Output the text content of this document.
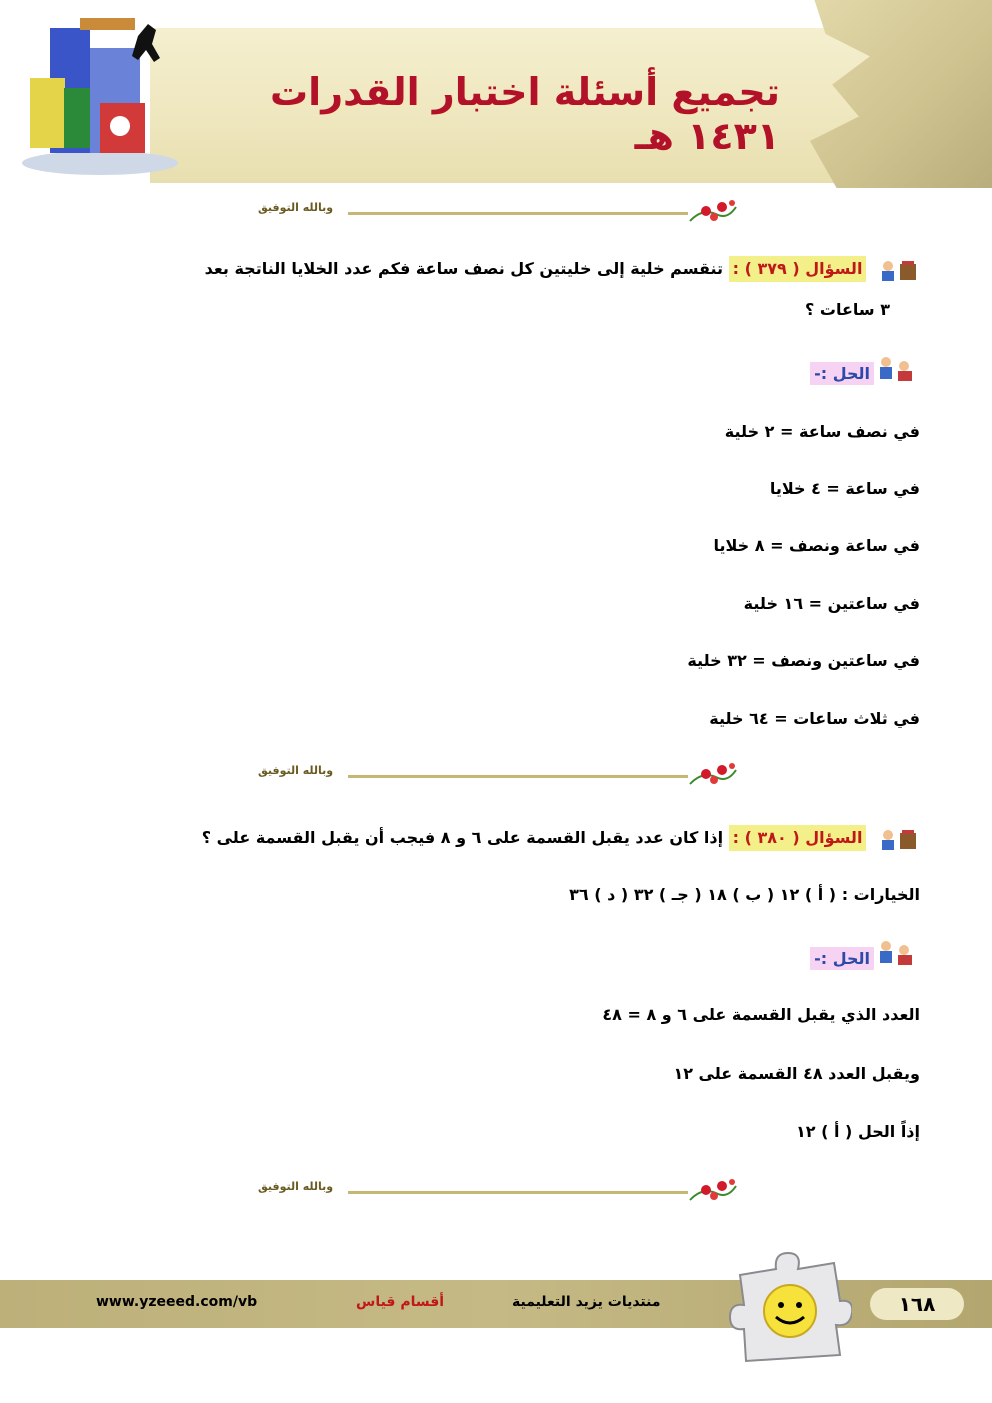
تجميع أسئلة اختبار القدرات ١٤٣١ هـ
وبالله التوفيق
السؤال ( ٣٧٩ ) : تنقسم خلية إلى خليتين كل نصف ساعة فكم عدد الخلايا الناتجة بعد
٣ ساعات ؟
الحل :-
في نصف ساعة = ٢ خلية
في ساعة = ٤ خلايا
في ساعة ونصف = ٨ خلايا
في ساعتين = ١٦ خلية
في ساعتين ونصف = ٣٢ خلية
في ثلاث ساعات = ٦٤ خلية
وبالله التوفيق
السؤال ( ٣٨٠ ) : إذا كان عدد يقبل القسمة على ٦ و ٨ فيجب أن يقبل القسمة على ؟
الخيارات : ( أ ) ١٢ ( ب ) ١٨ ( جـ ) ٣٢ ( د ) ٣٦
الحل :-
العدد الذي يقبل القسمة على ٦ و ٨ = ٤٨
ويقبل العدد ٤٨ القسمة على ١٢
إذاً الحل ( أ ) ١٢
وبالله التوفيق
www.yzeeed.com/vb	أقسام قياس	منتديات يزيد التعليمية	١٦٨
